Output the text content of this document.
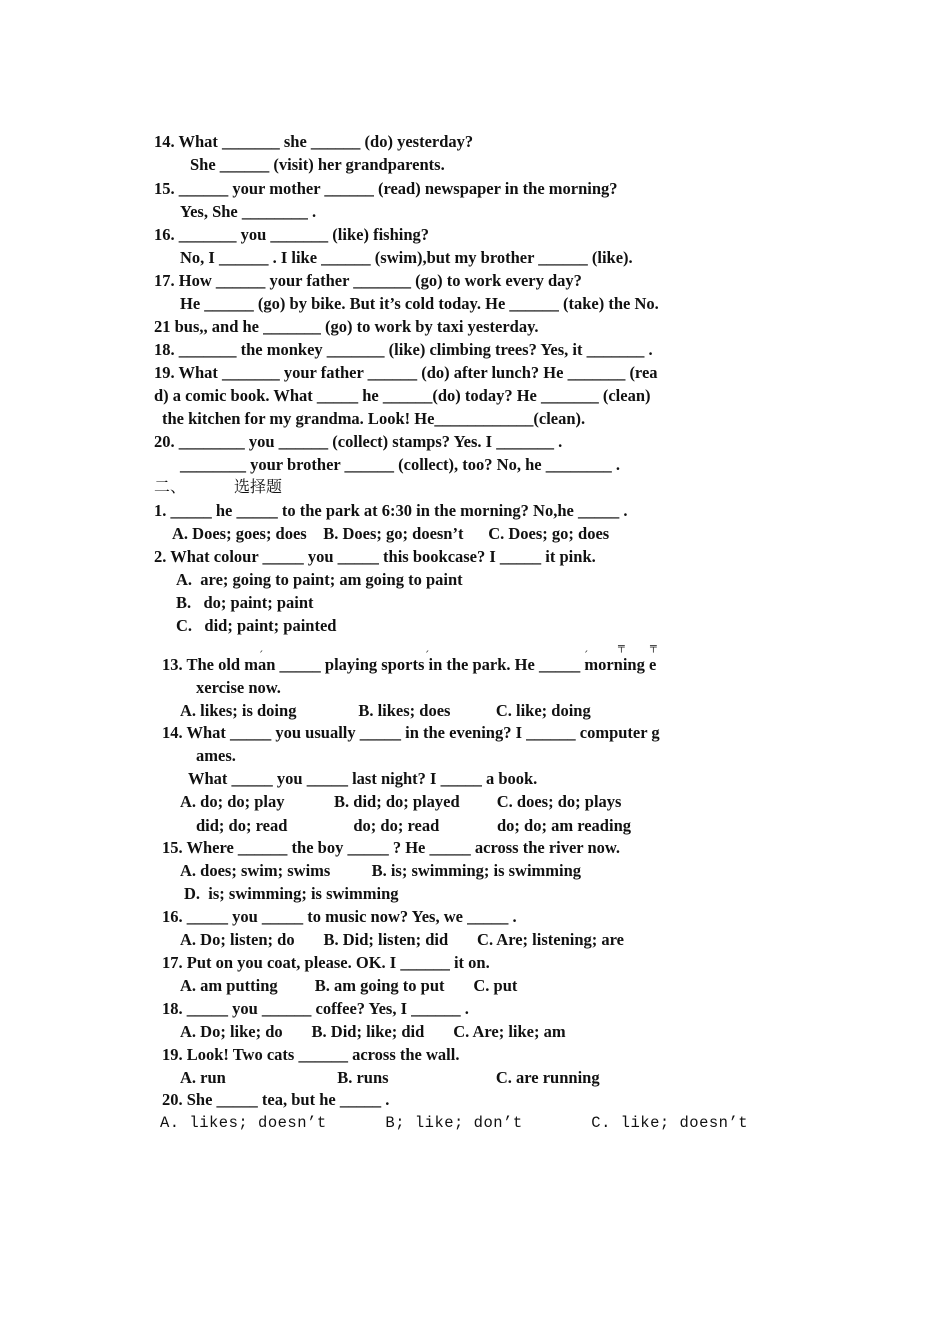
14. What _______ she ______ (do) yesterday?
She ______ (visit) her grandparents.
15. ______ your mother ______ (read) newspaper in the morning?
Yes, She ________ .
16. _______ you _______ (like) fishing?
No, I ______ . I like ______ (swim),but my brother ______ (like).
17. How ______ your father _______ (go) to work every day?
He ______ (go) by bike. But it’s cold today. He ______ (take) the No.
21 bus,, and he _______ (go) to work by taxi yesterday.
18. _______ the monkey _______ (like) climbing trees? Yes, it _______ .
19. What _______ your father ______ (do) after lunch? He _______ (rea
d) a comic book. What _____ he ______(do) today? He _______ (clean)
the kitchen for my grandma. Look! He____________(clean).
20. ________ you ______ (collect) stamps? Yes. I _______ .
________ your brother ______ (collect), too? No, he ________ .
二、	选择题
1. _____ he _____ to the park at 6:30 in the morning? No,he _____ .
A. Does; goes; does    B. Does; go; doesn’t      C. Does; go; does
2. What colour _____ you _____ this bookcase? I _____ it pink.
A.  are; going to paint; am going to paint
B.   do; paint; paint
C.   did; paint; painted
ˏ	ˏ	ˏ	╤ ╤
13. The old man _____ playing sports in the park. He _____ morning e
xercise now.
A. likes; is doing               B. likes; does           C. like; doing
14. What _____ you usually _____ in the evening? I ______ computer g
ames.
What _____ you _____ last night? I _____ a book.
A. do; do; play            B. did; do; played         C. does; do; plays
did; do; read                do; do; read              do; do; am reading
15. Where ______ the boy _____ ? He _____ across the river now.
A. does; swim; swims          B. is; swimming; is swimming
D.  is; swimming; is swimming
16. _____ you _____ to music now? Yes, we _____ .
A. Do; listen; do       B. Did; listen; did       C. Are; listening; are
17. Put on you coat, please. OK. I ______ it on.
A. am putting         B. am going to put       C. put
18. _____ you ______ coffee? Yes, I ______ .
A. Do; like; do       B. Did; like; did       C. Are; like; am
19. Look! Two cats ______ across the wall.
A. run                           B. runs                          C. are running
20. She _____ tea, but he _____ .
A. likes; doesn’t      B; like; don’t       C. like; doesn’t
